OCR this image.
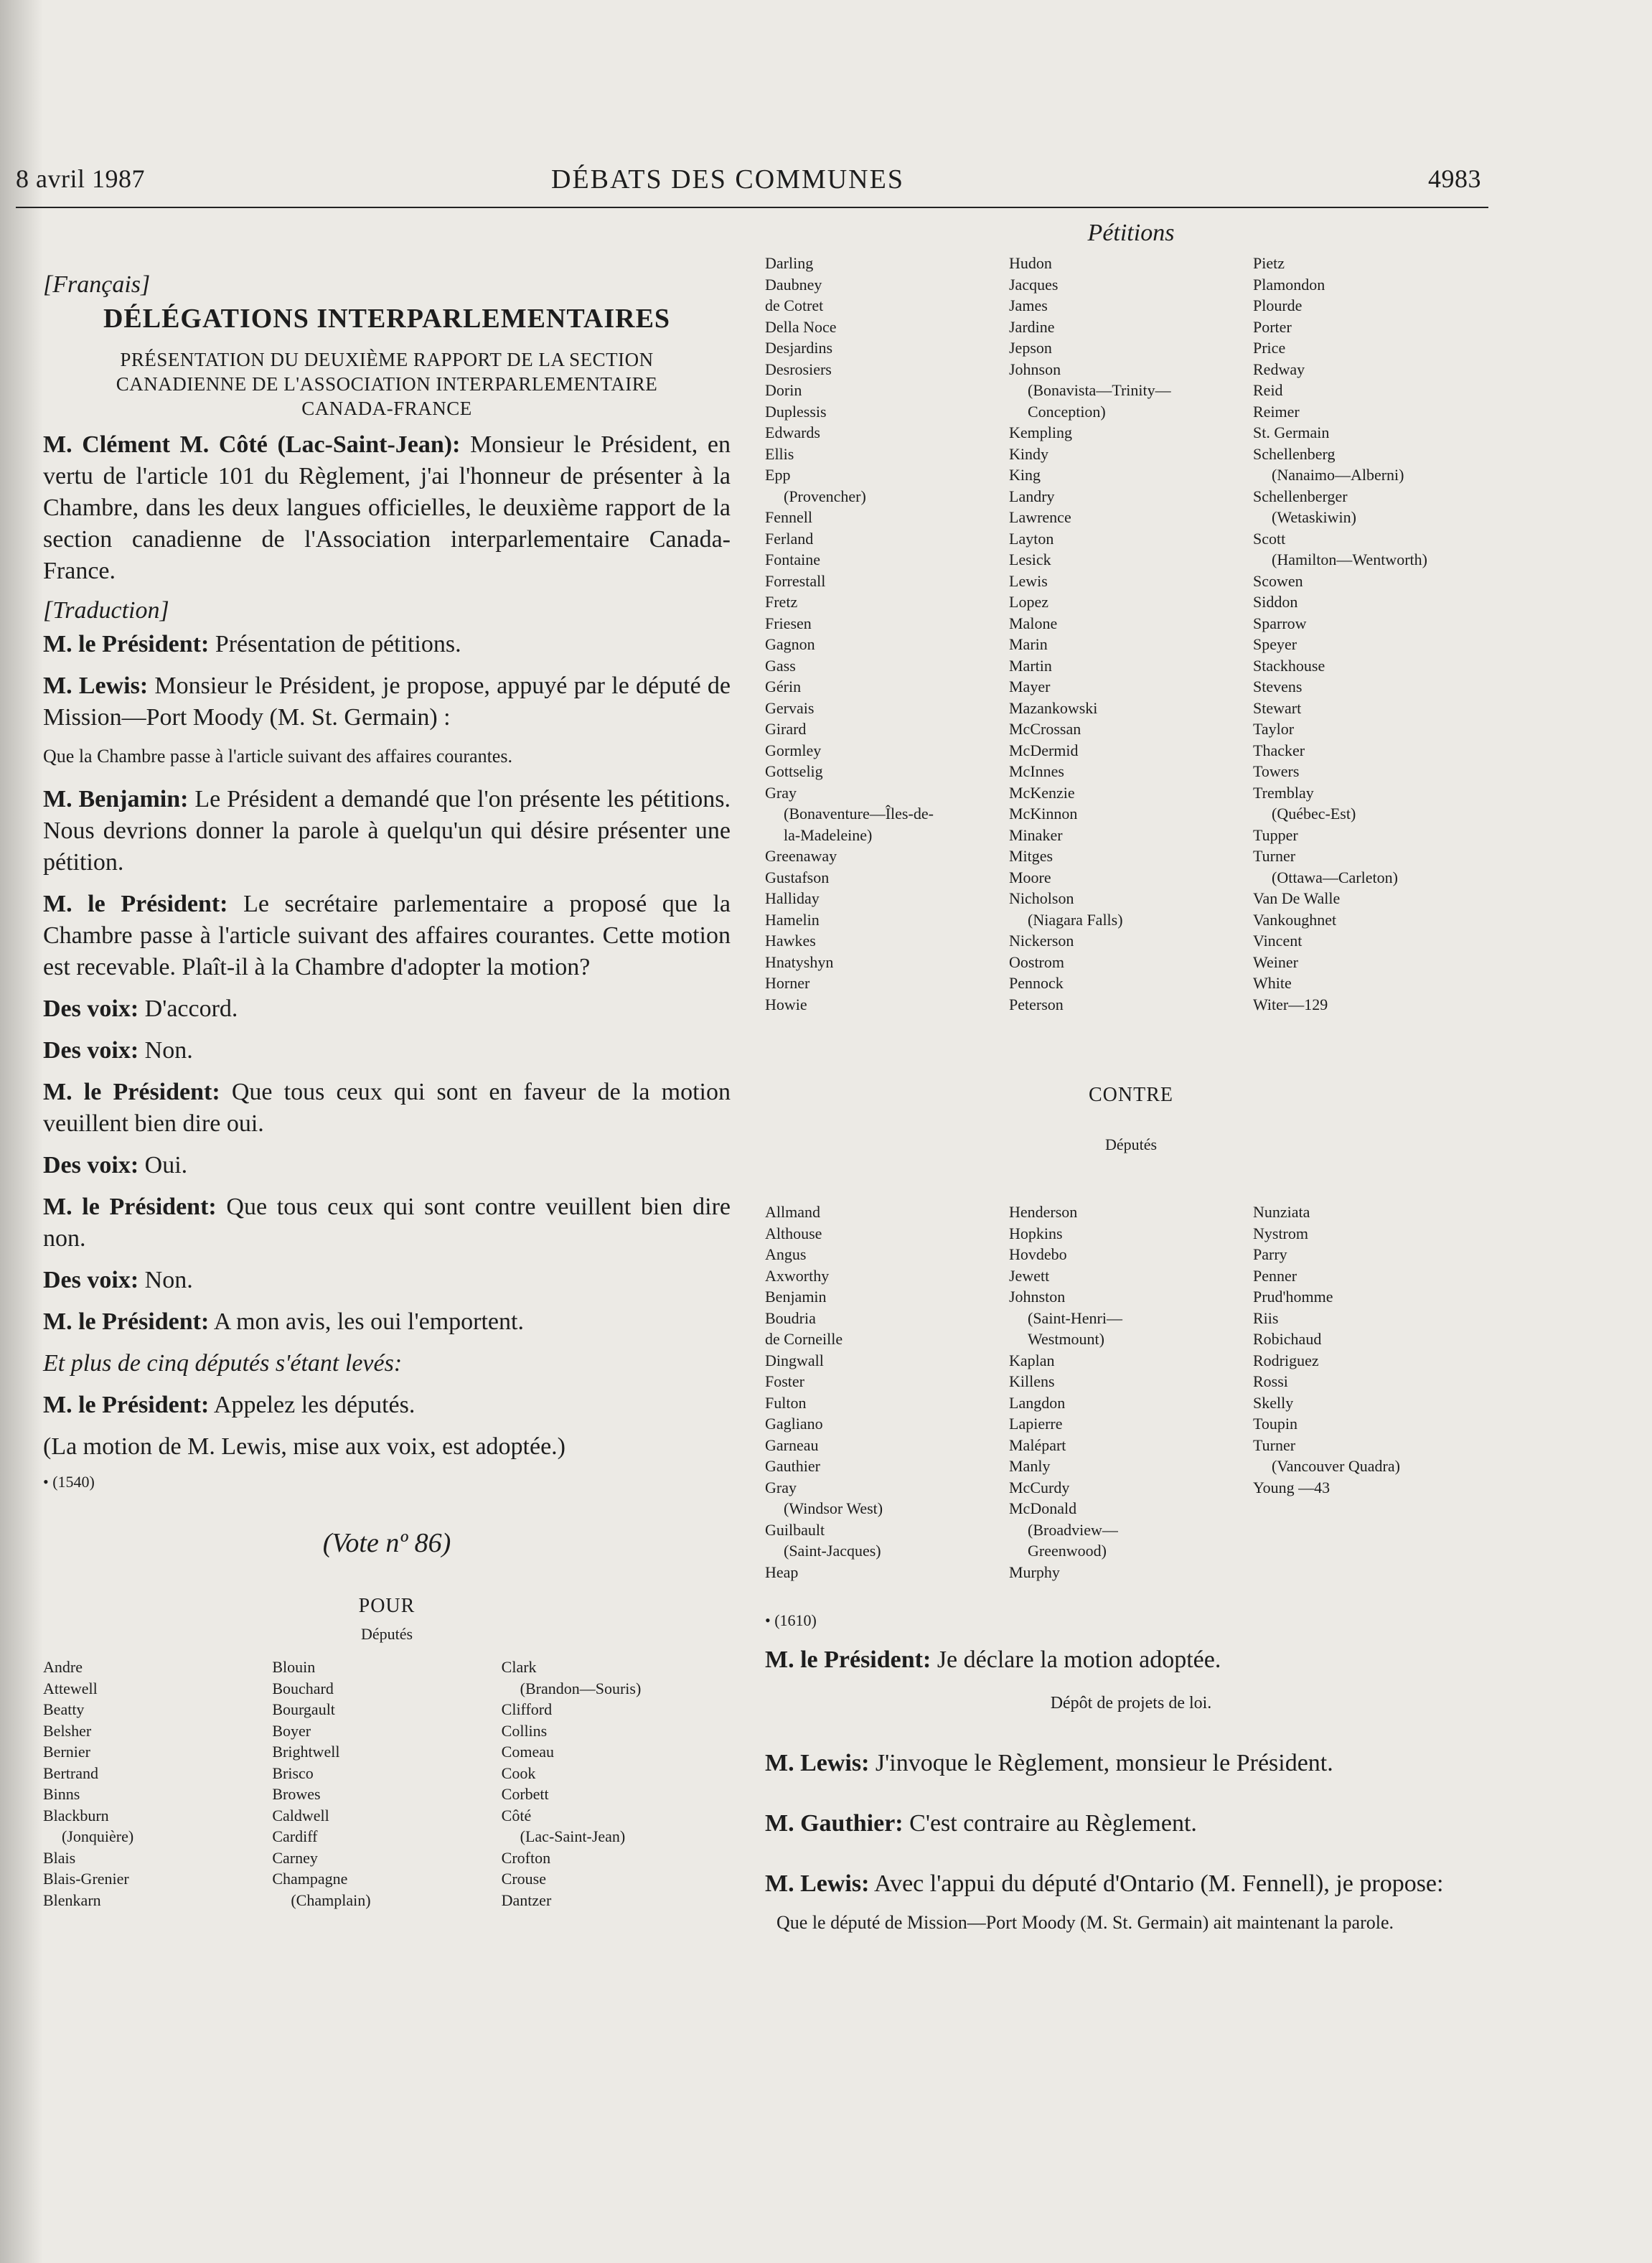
8 avril 1987	DÉBATS DES COMMUNES	4983
[Français]
DÉLÉGATIONS INTERPARLEMENTAIRES
PRÉSENTATION DU DEUXIÈME RAPPORT DE LA SECTION CANADIENNE DE L'ASSOCIATION INTERPARLEMENTAIRE CANADA-FRANCE

M. Clément M. Côté (Lac-Saint-Jean): Monsieur le Président, en vertu de l'article 101 du Règlement, j'ai l'honneur de présenter à la Chambre, dans les deux langues officielles, le deuxième rapport de la section canadienne de l'Association interparlementaire Canada-France.

[Traduction]

M. le Président: Présentation de pétitions.

M. Lewis: Monsieur le Président, je propose, appuyé par le député de Mission—Port Moody (M. St. Germain) :

Que la Chambre passe à l'article suivant des affaires courantes.

M. Benjamin: Le Président a demandé que l'on présente les pétitions. Nous devrions donner la parole à quelqu'un qui désire présenter une pétition.

M. le Président: Le secrétaire parlementaire a proposé que la Chambre passe à l'article suivant des affaires courantes. Cette motion est recevable. Plaît-il à la Chambre d'adopter la motion?

Des voix: D'accord.

Des voix: Non.

M. le Président: Que tous ceux qui sont en faveur de la motion veuillent bien dire oui.

Des voix: Oui.

M. le Président: Que tous ceux qui sont contre veuillent bien dire non.

Des voix: Non.

M. le Président: A mon avis, les oui l'emportent.

Et plus de cinq députés s'étant levés:

M. le Président: Appelez les députés.

(La motion de M. Lewis, mise aux voix, est adoptée.)

• (1540)
(Vote nº 86)
POUR
Députés
Andre
Attewell
Beatty
Belsher
Bernier
Bertrand
Binns
Blackburn
(Jonquière)
Blais
Blais-Grenier
Blenkarn
Blouin
Bouchard
Bourgault
Boyer
Brightwell
Brisco
Browes
Caldwell
Cardiff
Carney
Champagne
(Champlain)
Clark
(Brandon—Souris)
Clifford
Collins
Comeau
Cook
Corbett
Côté
(Lac-Saint-Jean)
Crofton
Crouse
Dantzer
Pétitions
Darling
Daubney
de Cotret
Della Noce
Desjardins
Desrosiers
Dorin
Duplessis
Edwards
Ellis
Epp
(Provencher)
Fennell
Ferland
Fontaine
Forrestall
Fretz
Friesen
Gagnon
Gass
Gérin
Gervais
Girard
Gormley
Gottselig
Gray
(Bonaventure—Îles-de-
la-Madeleine)
Greenaway
Gustafson
Halliday
Hamelin
Hawkes
Hnatyshyn
Horner
Howie
Hudon
Jacques
James
Jardine
Jepson
Johnson
(Bonavista—Trinity—
Conception)
Kempling
Kindy
King
Landry
Lawrence
Layton
Lesick
Lewis
Lopez
Malone
Marin
Martin
Mayer
Mazankowski
McCrossan
McDermid
McInnes
McKenzie
McKinnon
Minaker
Mitges
Moore
Nicholson
(Niagara Falls)
Nickerson
Oostrom
Pennock
Peterson
Pietz
Plamondon
Plourde
Porter
Price
Redway
Reid
Reimer
St. Germain
Schellenberg
(Nanaimo—Alberni)
Schellenberger
(Wetaskiwin)
Scott
(Hamilton—Wentworth)
Scowen
Siddon
Sparrow
Speyer
Stackhouse
Stevens
Stewart
Taylor
Thacker
Towers
Tremblay
(Québec-Est)
Tupper
Turner
(Ottawa—Carleton)
Van De Walle
Vankoughnet
Vincent
Weiner
White
Witer—129
CONTRE
Députés
Allmand
Althouse
Angus
Axworthy
Benjamin
Boudria
de Corneille
Dingwall
Foster
Fulton
Gagliano
Garneau
Gauthier
Gray
(Windsor West)
Guilbault
(Saint-Jacques)
Heap
Henderson
Hopkins
Hovdebo
Jewett
Johnston
(Saint-Henri—
Westmount)
Kaplan
Killens
Langdon
Lapierre
Malépart
Manly
McCurdy
McDonald
(Broadview—
Greenwood)
Murphy
Nunziata
Nystrom
Parry
Penner
Prud'homme
Riis
Robichaud
Rodriguez
Rossi
Skelly
Toupin
Turner
(Vancouver Quadra)
Young —43
• (1610)
M. le Président: Je déclare la motion adoptée.
Dépôt de projets de loi.
M. Lewis: J'invoque le Règlement, monsieur le Président.
M. Gauthier: C'est contraire au Règlement.
M. Lewis: Avec l'appui du député d'Ontario (M. Fennell), je propose:
Que le député de Mission—Port Moody (M. St. Germain) ait maintenant la parole.
